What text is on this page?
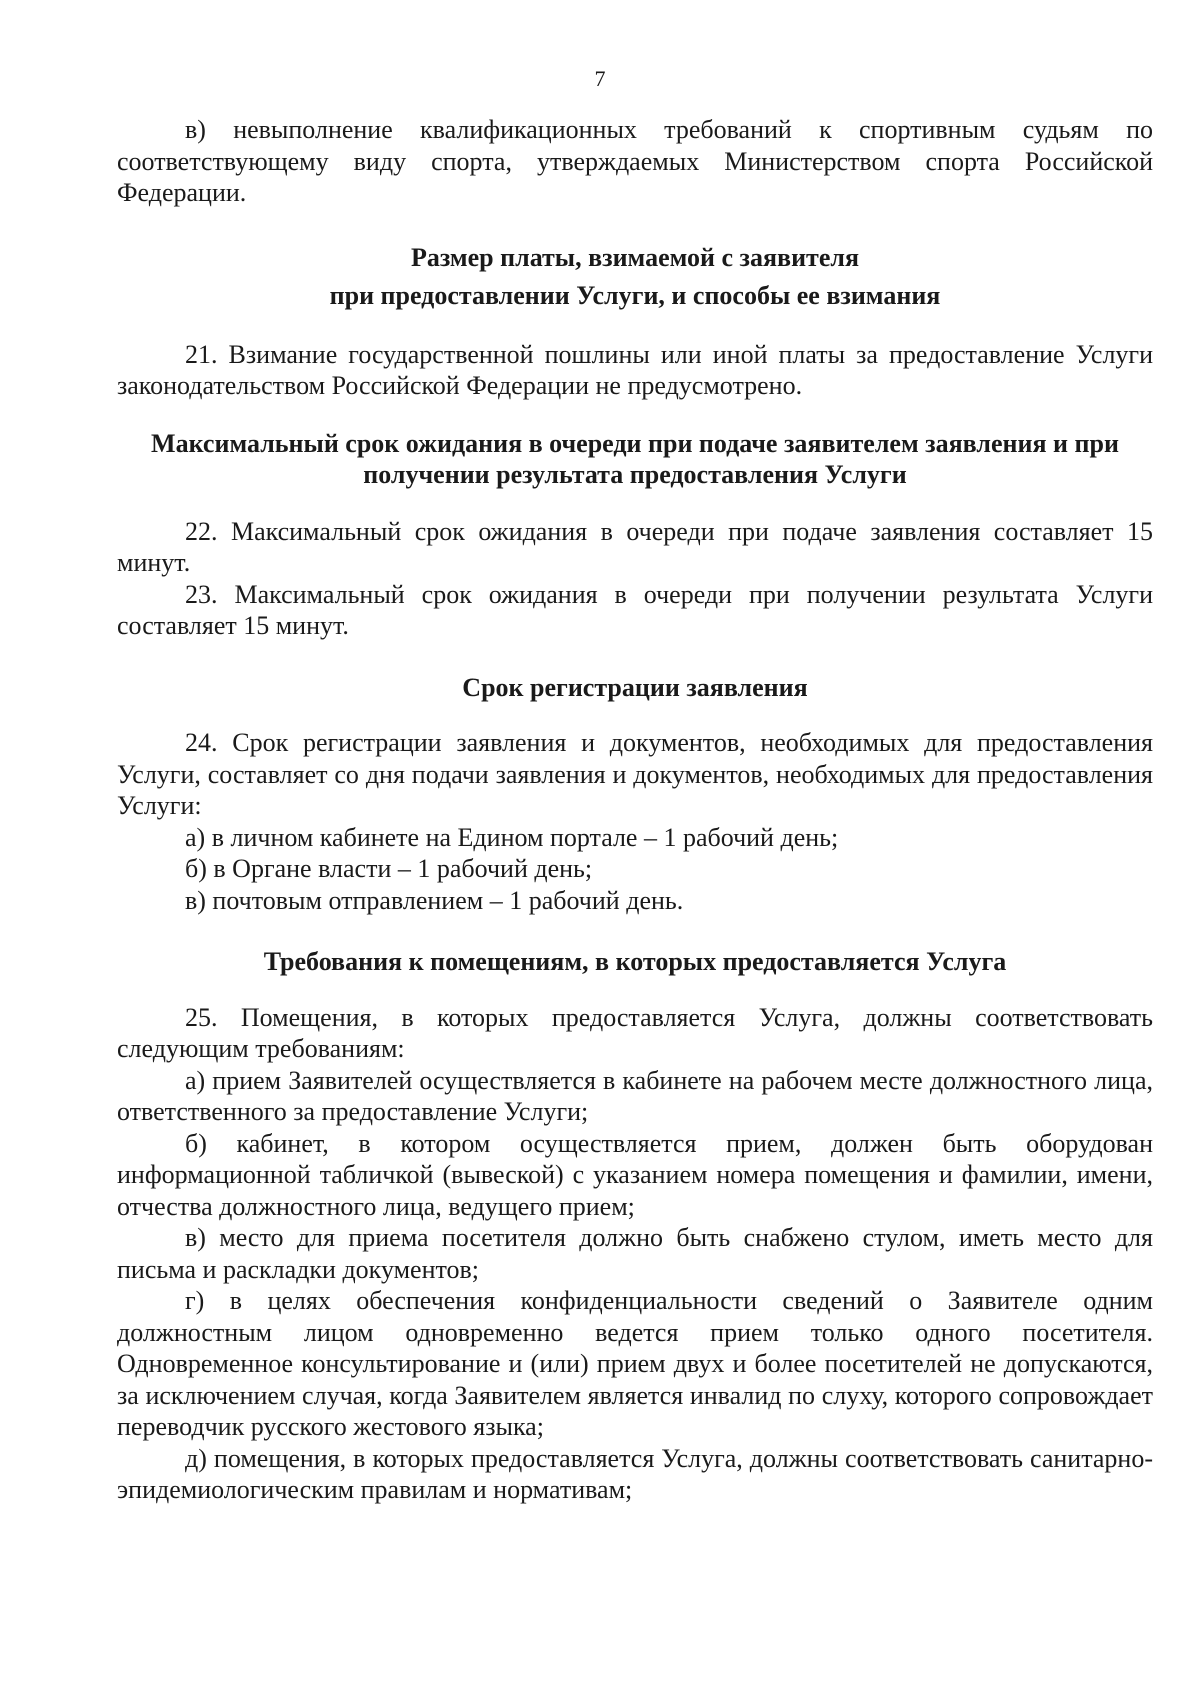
7

в) невыполнение квалификационных требований к спортивным судьям по соответствующему виду спорта, утверждаемых Министерством спорта Российской Федерации.

Размер платы, взимаемой с заявителя

при предоставлении Услуги, и способы ее взимания

21. Взимание государственной пошлины или иной платы за предоставление Услуги законодательством Российской Федерации не предусмотрено.

Максимальный срок ожидания в очереди при подаче заявителем заявления и при получении результата предоставления Услуги

22. Максимальный срок ожидания в очереди при подаче заявления составляет 15 минут.

23. Максимальный срок ожидания в очереди при получении результата Услуги составляет 15 минут.

Срок регистрации заявления

24. Срок регистрации заявления и документов, необходимых для предоставления Услуги, составляет со дня подачи заявления и документов, необходимых для предоставления Услуги:

а) в личном кабинете на Едином портале – 1 рабочий день;

б) в Органе власти – 1 рабочий день;

в) почтовым отправлением – 1 рабочий день.

Требования к помещениям, в которых предоставляется Услуга

25. Помещения, в которых предоставляется Услуга, должны соответствовать следующим требованиям:

а) прием Заявителей осуществляется в кабинете на рабочем месте должностного лица, ответственного за предоставление Услуги;

б) кабинет, в котором осуществляется прием, должен быть оборудован информационной табличкой (вывеской) с указанием номера помещения и фамилии, имени, отчества должностного лица, ведущего прием;

в) место для приема посетителя должно быть снабжено стулом, иметь место для письма и раскладки документов;

г) в целях обеспечения конфиденциальности сведений о Заявителе одним должностным лицом одновременно ведется прием только одного посетителя. Одновременное консультирование и (или) прием двух и более посетителей не допускаются, за исключением случая, когда Заявителем является инвалид по слуху, которого сопровождает переводчик русского жестового языка;

д) помещения, в которых предоставляется Услуга, должны соответствовать санитарно-эпидемиологическим правилам и нормативам;
